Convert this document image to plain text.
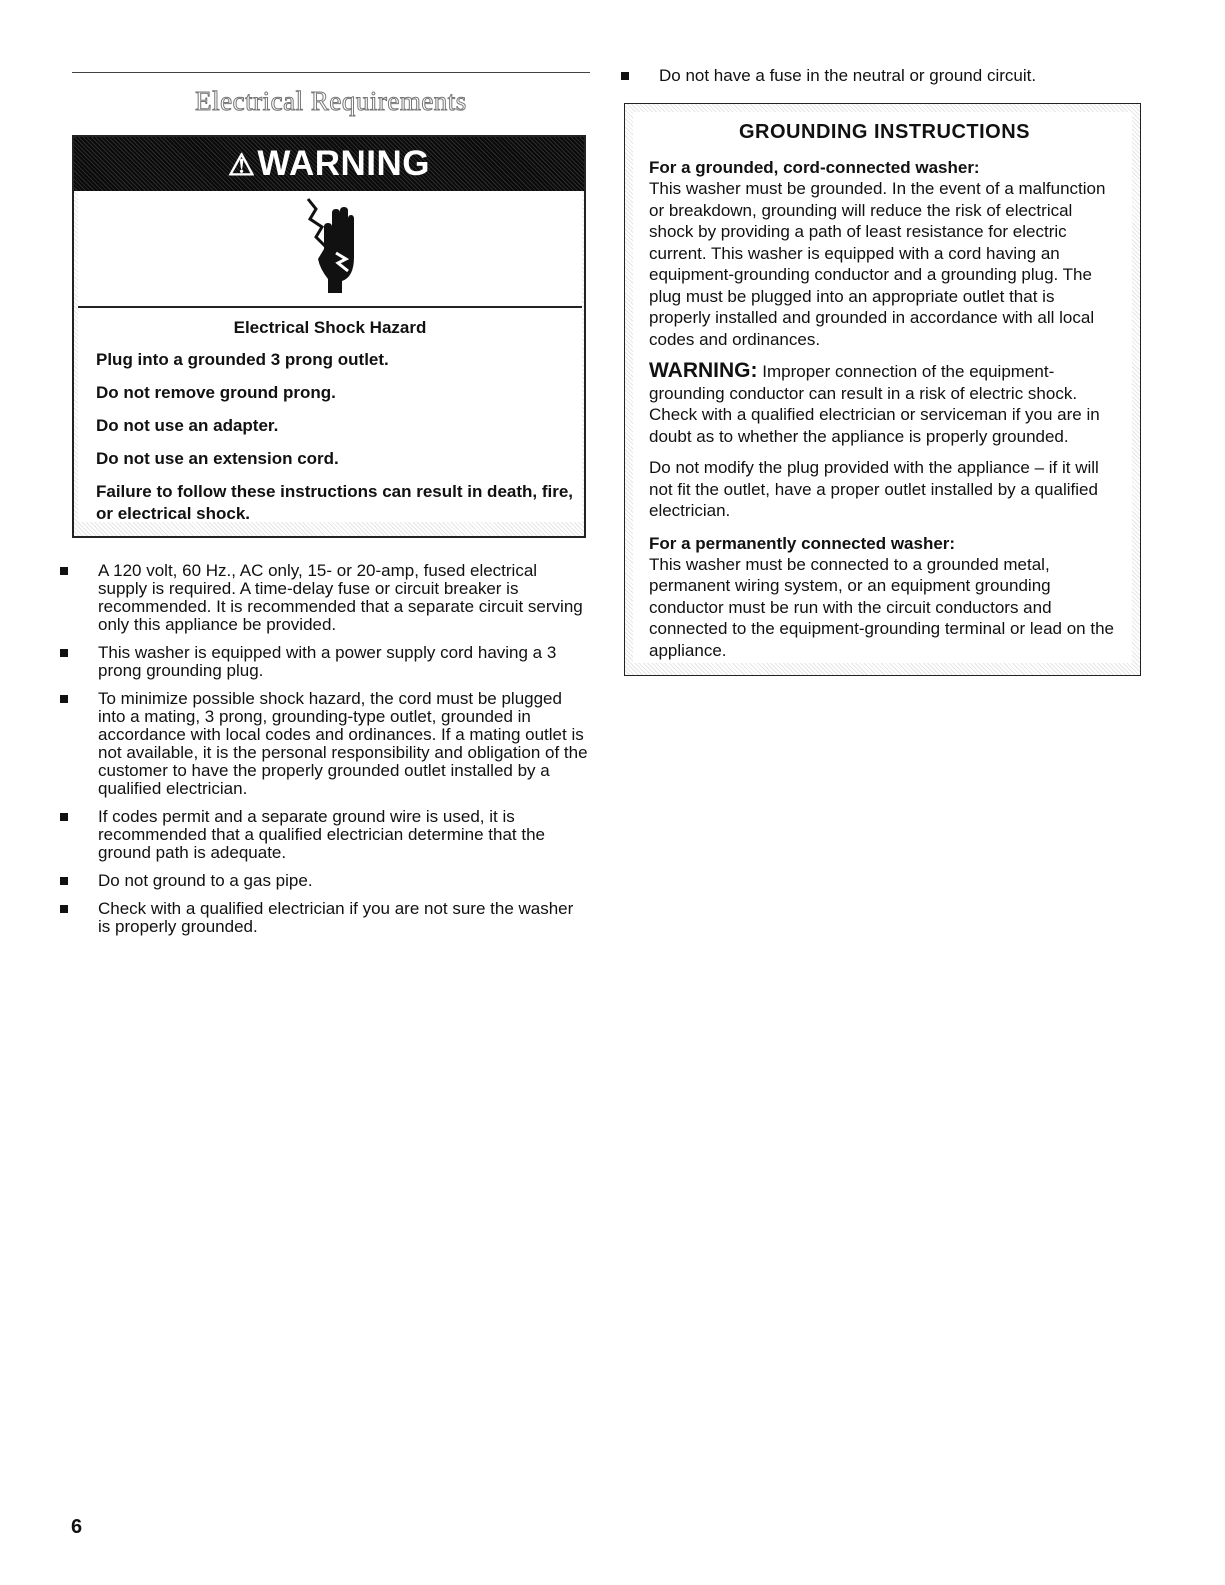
Electrical Requirements
⚠WARNING
Electrical Shock Hazard
Plug into a grounded 3 prong outlet.
Do not remove ground prong.
Do not use an adapter.
Do not use an extension cord.
Failure to follow these instructions can result in death, fire, or electrical shock.
A 120 volt, 60 Hz., AC only, 15- or 20-amp, fused electrical supply is required. A time-delay fuse or circuit breaker is recommended. It is recommended that a separate circuit serving only this appliance be provided.
This washer is equipped with a power supply cord having a 3 prong grounding plug.
To minimize possible shock hazard, the cord must be plugged into a mating, 3 prong, grounding-type outlet, grounded in accordance with local codes and ordinances. If a mating outlet is not available, it is the personal responsibility and obligation of the customer to have the properly grounded outlet installed by a qualified electrician.
If codes permit and a separate ground wire is used, it is recommended that a qualified electrician determine that the ground path is adequate.
Do not ground to a gas pipe.
Check with a qualified electrician if you are not sure the washer is properly grounded.
Do not have a fuse in the neutral or ground circuit.
GROUNDING INSTRUCTIONS
For a grounded, cord-connected washer:
This washer must be grounded. In the event of a malfunction or breakdown, grounding will reduce the risk of electrical shock by providing a path of least resistance for electric current. This washer is equipped with a cord having an equipment-grounding conductor and a grounding plug. The plug must be plugged into an appropriate outlet that is properly installed and grounded in accordance with all local codes and ordinances.
WARNING: Improper connection of the equipment-grounding conductor can result in a risk of electric shock. Check with a qualified electrician or serviceman if you are in doubt as to whether the appliance is properly grounded.
Do not modify the plug provided with the appliance – if it will not fit the outlet, have a proper outlet installed by a qualified electrician.
For a permanently connected washer:
This washer must be connected to a grounded metal, permanent wiring system, or an equipment grounding conductor must be run with the circuit conductors and connected to the equipment-grounding terminal or lead on the appliance.
6
